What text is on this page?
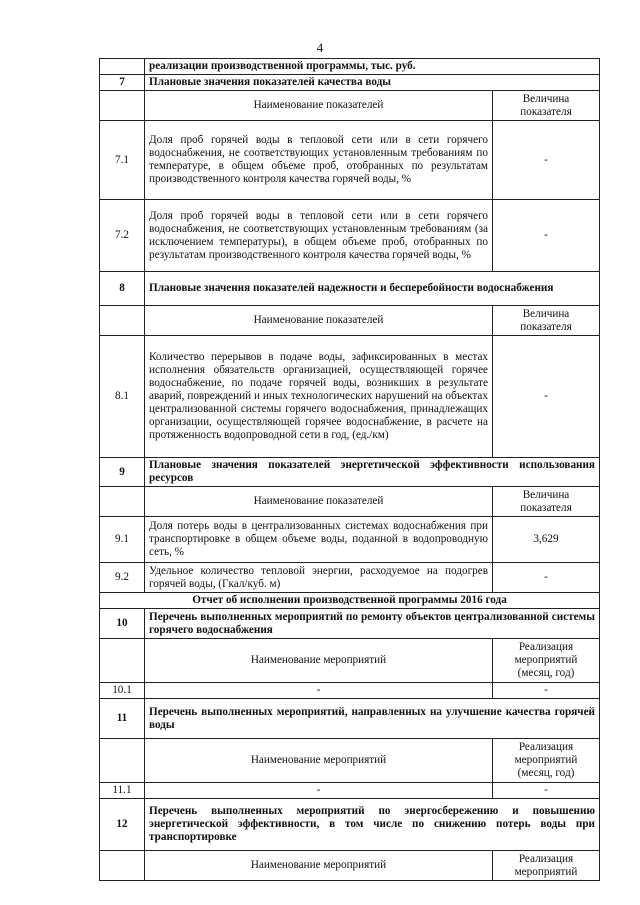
4
	реализации производственной программы, тыс. руб.	
7	Плановые значения показателей качества воды	
	Наименование показателей	Величина показателя
7.1	Доля проб горячей воды в тепловой сети или в сети горячего водоснабжения, не соответствующих установленным требованиям по температуре, в общем объеме проб, отобранных по результатам производственного контроля качества горячей воды, %	-
7.2	Доля проб горячей воды в тепловой сети или в сети горячего водоснабжения, не соответствующих установленным требованиям (за исключением температуры), в общем объеме проб, отобранных по результатам производственного контроля качества горячей воды, %	-
8	Плановые значения показателей надежности и бесперебойности водоснабжения	
	Наименование показателей	Величина показателя
8.1	Количество перерывов в подаче воды, зафиксированных в местах исполнения обязательств организацией, осуществляющей горячее водоснабжение, по подаче горячей воды, возникших в результате аварий, повреждений и иных технологических нарушений на объектах централизованной системы горячего водоснабжения, принадлежащих организации, осуществляющей горячее водоснабжение, в расчете на протяженность водопроводной сети в год, (ед./км)	-
9	Плановые значения показателей энергетической эффективности использования ресурсов	
	Наименование показателей	Величина показателя
9.1	Доля потерь воды в централизованных системах водоснабжения при транспортировке в общем объеме воды, поданной в водопроводную сеть, %	3,629
9.2	Удельное количество тепловой энергии, расходуемое на подогрев горячей воды, (Гкал/куб. м)	-
Отчет об исполнении производственной программы 2016 года		
10	Перечень выполненных мероприятий по ремонту объектов централизованной системы горячего водоснабжения	
	Наименование мероприятий	Реализация мероприятий (месяц, год)
10.1	-	-
11	Перечень выполненных мероприятий, направленных на улучшение качества горячей воды	
	Наименование мероприятий	Реализация мероприятий (месяц, год)
11.1	-	-
12	Перечень выполненных мероприятий по энергосбережению и повышению энергетической эффективности, в том числе по снижению потерь воды при транспортировке	
	Наименование мероприятий	Реализация мероприятий
